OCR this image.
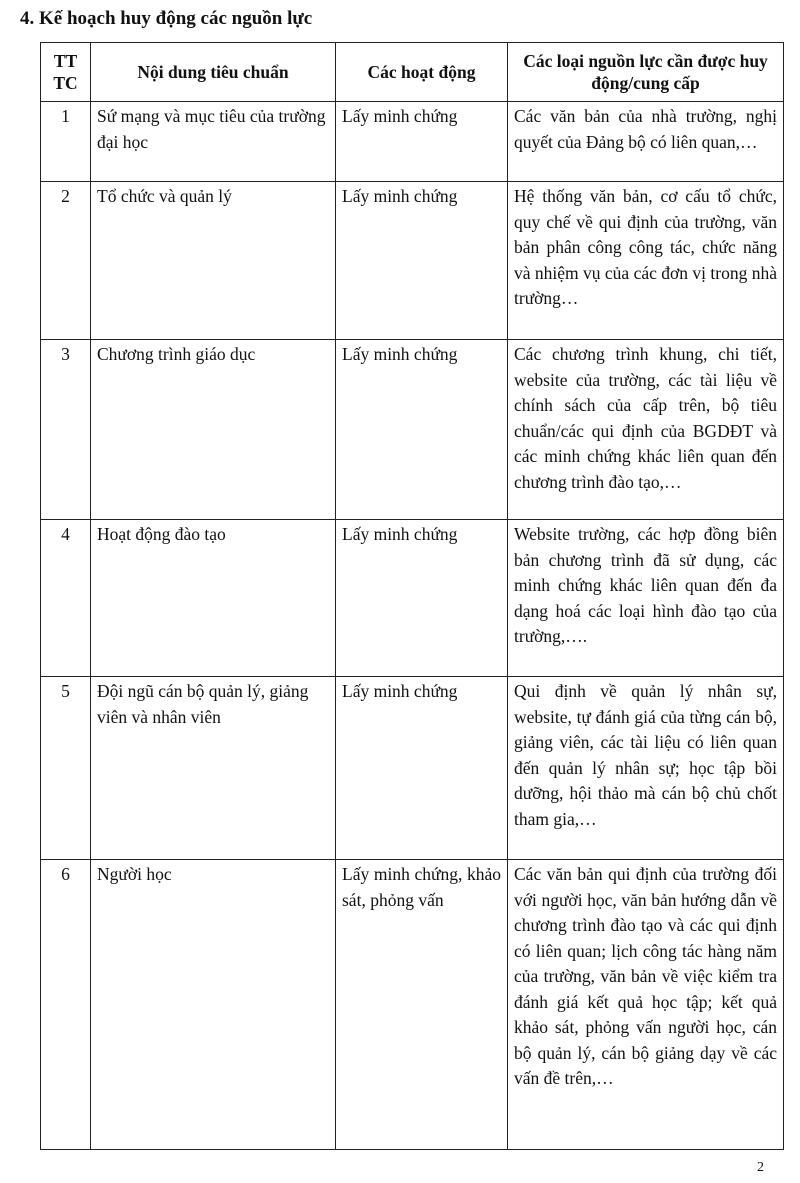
4. Kế hoạch huy động các nguồn lực
TT TC	Nội dung tiêu chuẩn	Các hoạt động	Các loại nguồn lực cần được huy động/cung cấp
1	Sứ mạng và mục tiêu của trường đại học	Lấy minh chứng	Các văn bản của nhà trường, nghị quyết của Đảng bộ có liên quan,…
2	Tổ chức và quản lý	Lấy minh chứng	Hệ thống văn bản, cơ cấu tổ chức, quy chế về qui định của trường, văn bản phân công công tác, chức năng và nhiệm vụ của các đơn vị trong nhà trường…
3	Chương trình giáo dục	Lấy minh chứng	Các chương trình khung, chi tiết, website của trường, các tài liệu về chính sách của cấp trên, bộ tiêu chuẩn/các qui định của BGDĐT và các minh chứng khác liên quan đến chương trình đào tạo,…
4	Hoạt động đào tạo	Lấy minh chứng	Website trường, các hợp đồng biên bản chương trình đã sử dụng, các minh chứng khác liên quan đến đa dạng hoá các loại hình đào tạo của trường,….
5	Đội ngũ cán bộ quản lý, giảng viên và nhân viên	Lấy minh chứng	Qui định về quản lý nhân sự, website, tự đánh giá của từng cán bộ, giảng viên, các tài liệu có liên quan đến quản lý nhân sự; học tập bồi dưỡng, hội thảo mà cán bộ chủ chốt tham gia,…
6	Người học	Lấy minh chứng, khảo sát, phỏng vấn	Các văn bản qui định của trường đối với người học, văn bản hướng dẫn về chương trình đào tạo và các qui định có liên quan; lịch công tác hàng năm của trường, văn bản về việc kiểm tra đánh giá kết quả học tập; kết quả khảo sát, phỏng vấn người học, cán bộ quản lý, cán bộ giảng dạy về các vấn đề trên,…
2
